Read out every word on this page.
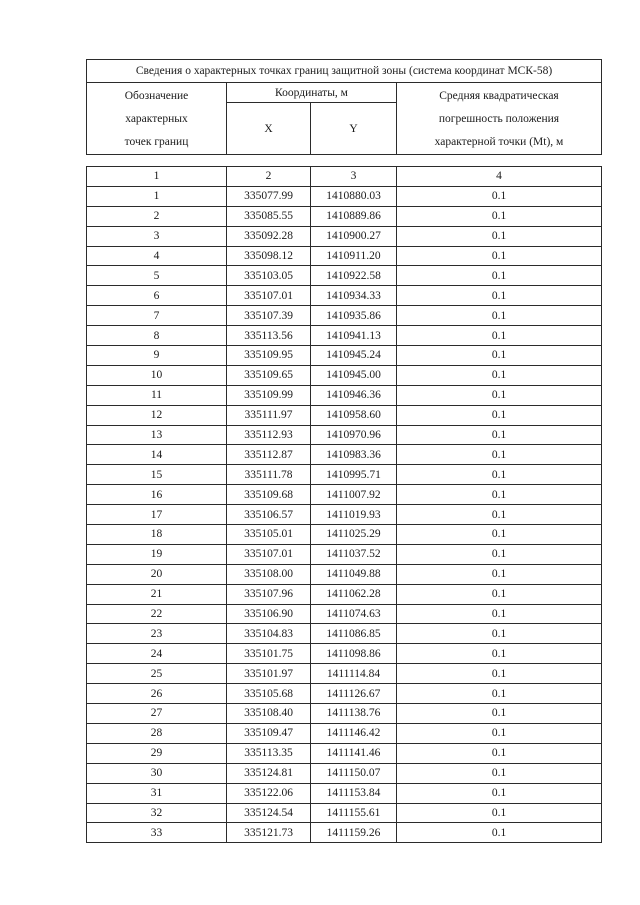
Сведения о характерных точках границ защитной зоны (система координат МСК-58)			

Обозначение
характерных
точек границ	Координаты, м		Средняя квадратическая
погрешность положения
характерной точки (Mt), м

	X	Y	
1	2	3	4
1	335077.99	1410880.03	0.1
2	335085.55	1410889.86	0.1
3	335092.28	1410900.27	0.1
4	335098.12	1410911.20	0.1
5	335103.05	1410922.58	0.1
6	335107.01	1410934.33	0.1
7	335107.39	1410935.86	0.1
8	335113.56	1410941.13	0.1
9	335109.95	1410945.24	0.1
10	335109.65	1410945.00	0.1
11	335109.99	1410946.36	0.1
12	335111.97	1410958.60	0.1
13	335112.93	1410970.96	0.1
14	335112.87	1410983.36	0.1
15	335111.78	1410995.71	0.1
16	335109.68	1411007.92	0.1
17	335106.57	1411019.93	0.1
18	335105.01	1411025.29	0.1
19	335107.01	1411037.52	0.1
20	335108.00	1411049.88	0.1
21	335107.96	1411062.28	0.1
22	335106.90	1411074.63	0.1
23	335104.83	1411086.85	0.1
24	335101.75	1411098.86	0.1
25	335101.97	1411114.84	0.1
26	335105.68	1411126.67	0.1
27	335108.40	1411138.76	0.1
28	335109.47	1411146.42	0.1
29	335113.35	1411141.46	0.1
30	335124.81	1411150.07	0.1
31	335122.06	1411153.84	0.1
32	335124.54	1411155.61	0.1
33	335121.73	1411159.26	0.1
